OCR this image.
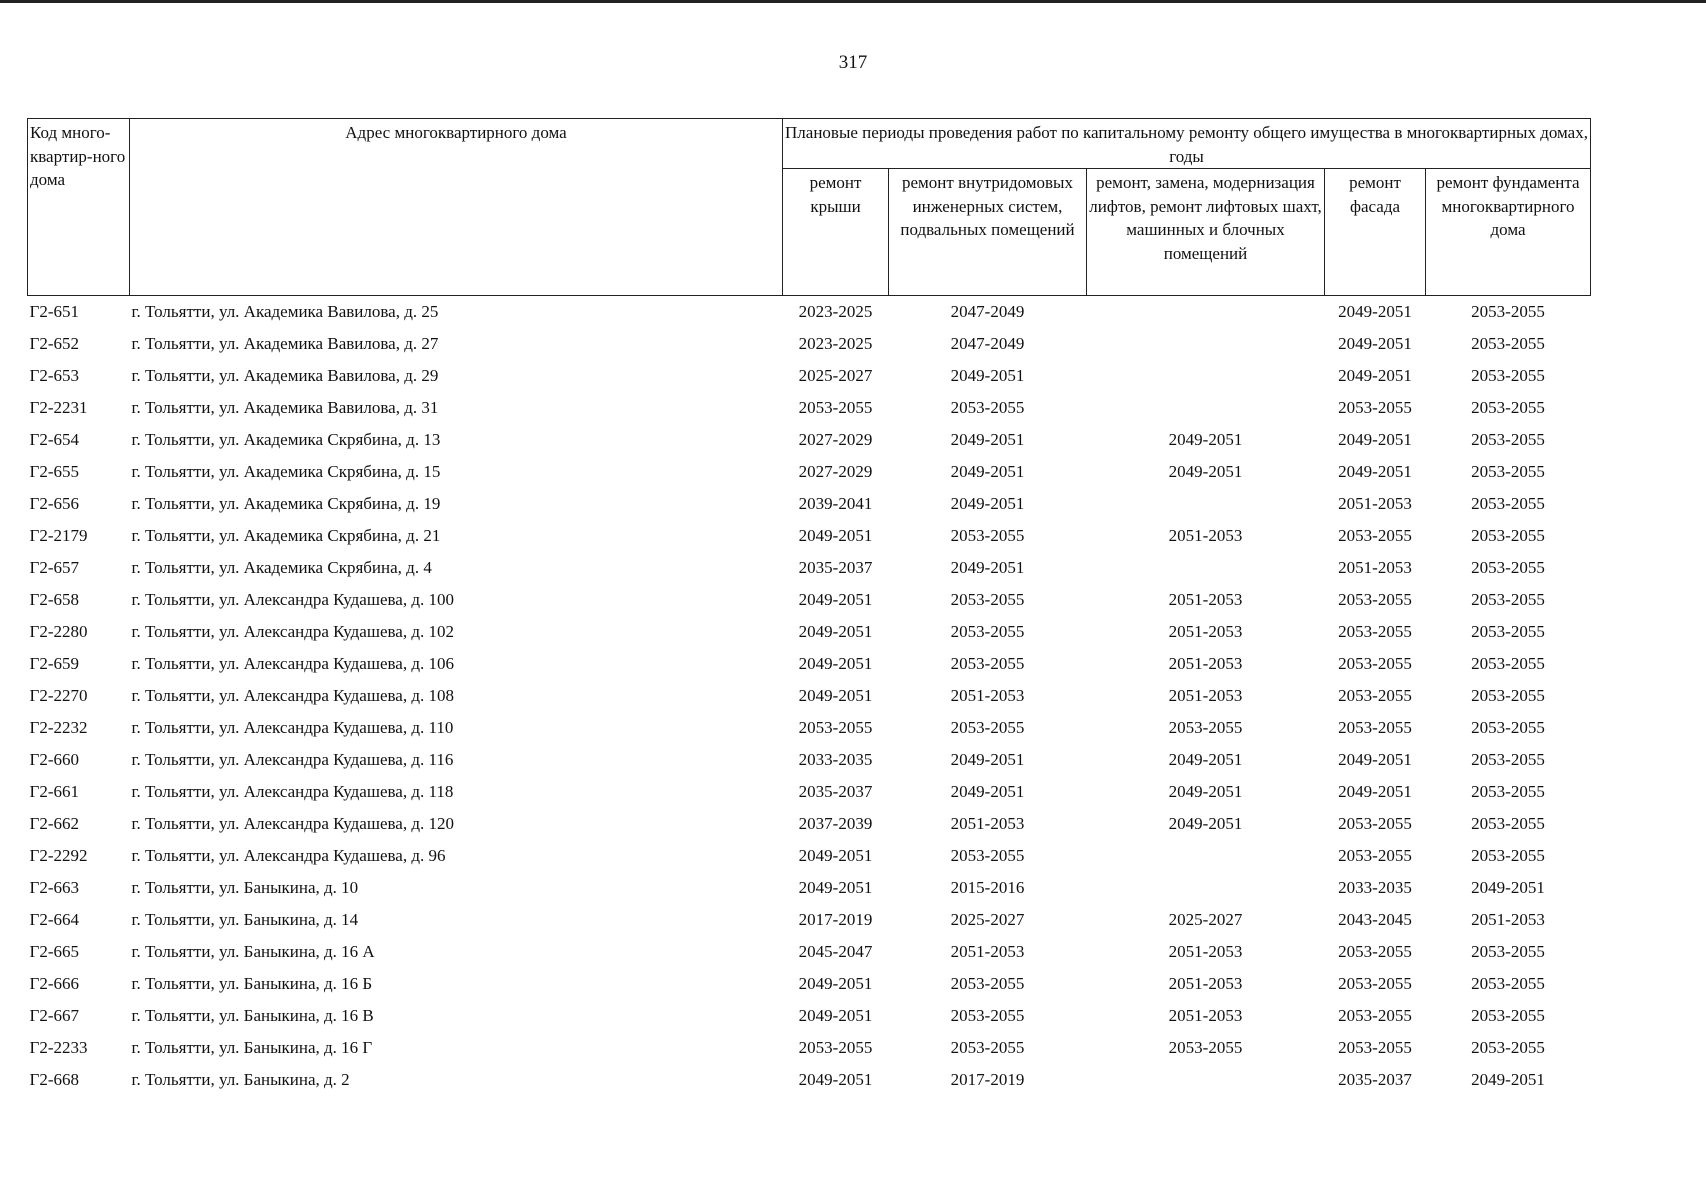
317
Код много-квартир-ного дома	Адрес многоквартирного дома	Плановые периоды проведения работ по капитальному ремонту общего имущества в многоквартирных домах, годы				
		ремонт крыши	ремонт внутридомовых инженерных систем, подвальных помещений	ремонт, замена, модернизация лифтов, ремонт лифтовых шахт, машинных и блочных помещений	ремонт фасада	ремонт фундамента многоквартирного дома
Г2-651	г. Тольятти, ул. Академика Вавилова, д. 25	2023-2025	2047-2049		2049-2051	2053-2055
Г2-652	г. Тольятти, ул. Академика Вавилова, д. 27	2023-2025	2047-2049		2049-2051	2053-2055
Г2-653	г. Тольятти, ул. Академика Вавилова, д. 29	2025-2027	2049-2051		2049-2051	2053-2055
Г2-2231	г. Тольятти, ул. Академика Вавилова, д. 31	2053-2055	2053-2055		2053-2055	2053-2055
Г2-654	г. Тольятти, ул. Академика Скрябина, д. 13	2027-2029	2049-2051	2049-2051	2049-2051	2053-2055
Г2-655	г. Тольятти, ул. Академика Скрябина, д. 15	2027-2029	2049-2051	2049-2051	2049-2051	2053-2055
Г2-656	г. Тольятти, ул. Академика Скрябина, д. 19	2039-2041	2049-2051		2051-2053	2053-2055
Г2-2179	г. Тольятти, ул. Академика Скрябина, д. 21	2049-2051	2053-2055	2051-2053	2053-2055	2053-2055
Г2-657	г. Тольятти, ул. Академика Скрябина, д. 4	2035-2037	2049-2051		2051-2053	2053-2055
Г2-658	г. Тольятти, ул. Александра Кудашева, д. 100	2049-2051	2053-2055	2051-2053	2053-2055	2053-2055
Г2-2280	г. Тольятти, ул. Александра Кудашева, д. 102	2049-2051	2053-2055	2051-2053	2053-2055	2053-2055
Г2-659	г. Тольятти, ул. Александра Кудашева, д. 106	2049-2051	2053-2055	2051-2053	2053-2055	2053-2055
Г2-2270	г. Тольятти, ул. Александра Кудашева, д. 108	2049-2051	2051-2053	2051-2053	2053-2055	2053-2055
Г2-2232	г. Тольятти, ул. Александра Кудашева, д. 110	2053-2055	2053-2055	2053-2055	2053-2055	2053-2055
Г2-660	г. Тольятти, ул. Александра Кудашева, д. 116	2033-2035	2049-2051	2049-2051	2049-2051	2053-2055
Г2-661	г. Тольятти, ул. Александра Кудашева, д. 118	2035-2037	2049-2051	2049-2051	2049-2051	2053-2055
Г2-662	г. Тольятти, ул. Александра Кудашева, д. 120	2037-2039	2051-2053	2049-2051	2053-2055	2053-2055
Г2-2292	г. Тольятти, ул. Александра Кудашева, д. 96	2049-2051	2053-2055		2053-2055	2053-2055
Г2-663	г. Тольятти, ул. Баныкина, д. 10	2049-2051	2015-2016		2033-2035	2049-2051
Г2-664	г. Тольятти, ул. Баныкина, д. 14	2017-2019	2025-2027	2025-2027	2043-2045	2051-2053
Г2-665	г. Тольятти, ул. Баныкина, д. 16 А	2045-2047	2051-2053	2051-2053	2053-2055	2053-2055
Г2-666	г. Тольятти, ул. Баныкина, д. 16 Б	2049-2051	2053-2055	2051-2053	2053-2055	2053-2055
Г2-667	г. Тольятти, ул. Баныкина, д. 16 В	2049-2051	2053-2055	2051-2053	2053-2055	2053-2055
Г2-2233	г. Тольятти, ул. Баныкина, д. 16 Г	2053-2055	2053-2055	2053-2055	2053-2055	2053-2055
Г2-668	г. Тольятти, ул. Баныкина, д. 2	2049-2051	2017-2019		2035-2037	2049-2051
